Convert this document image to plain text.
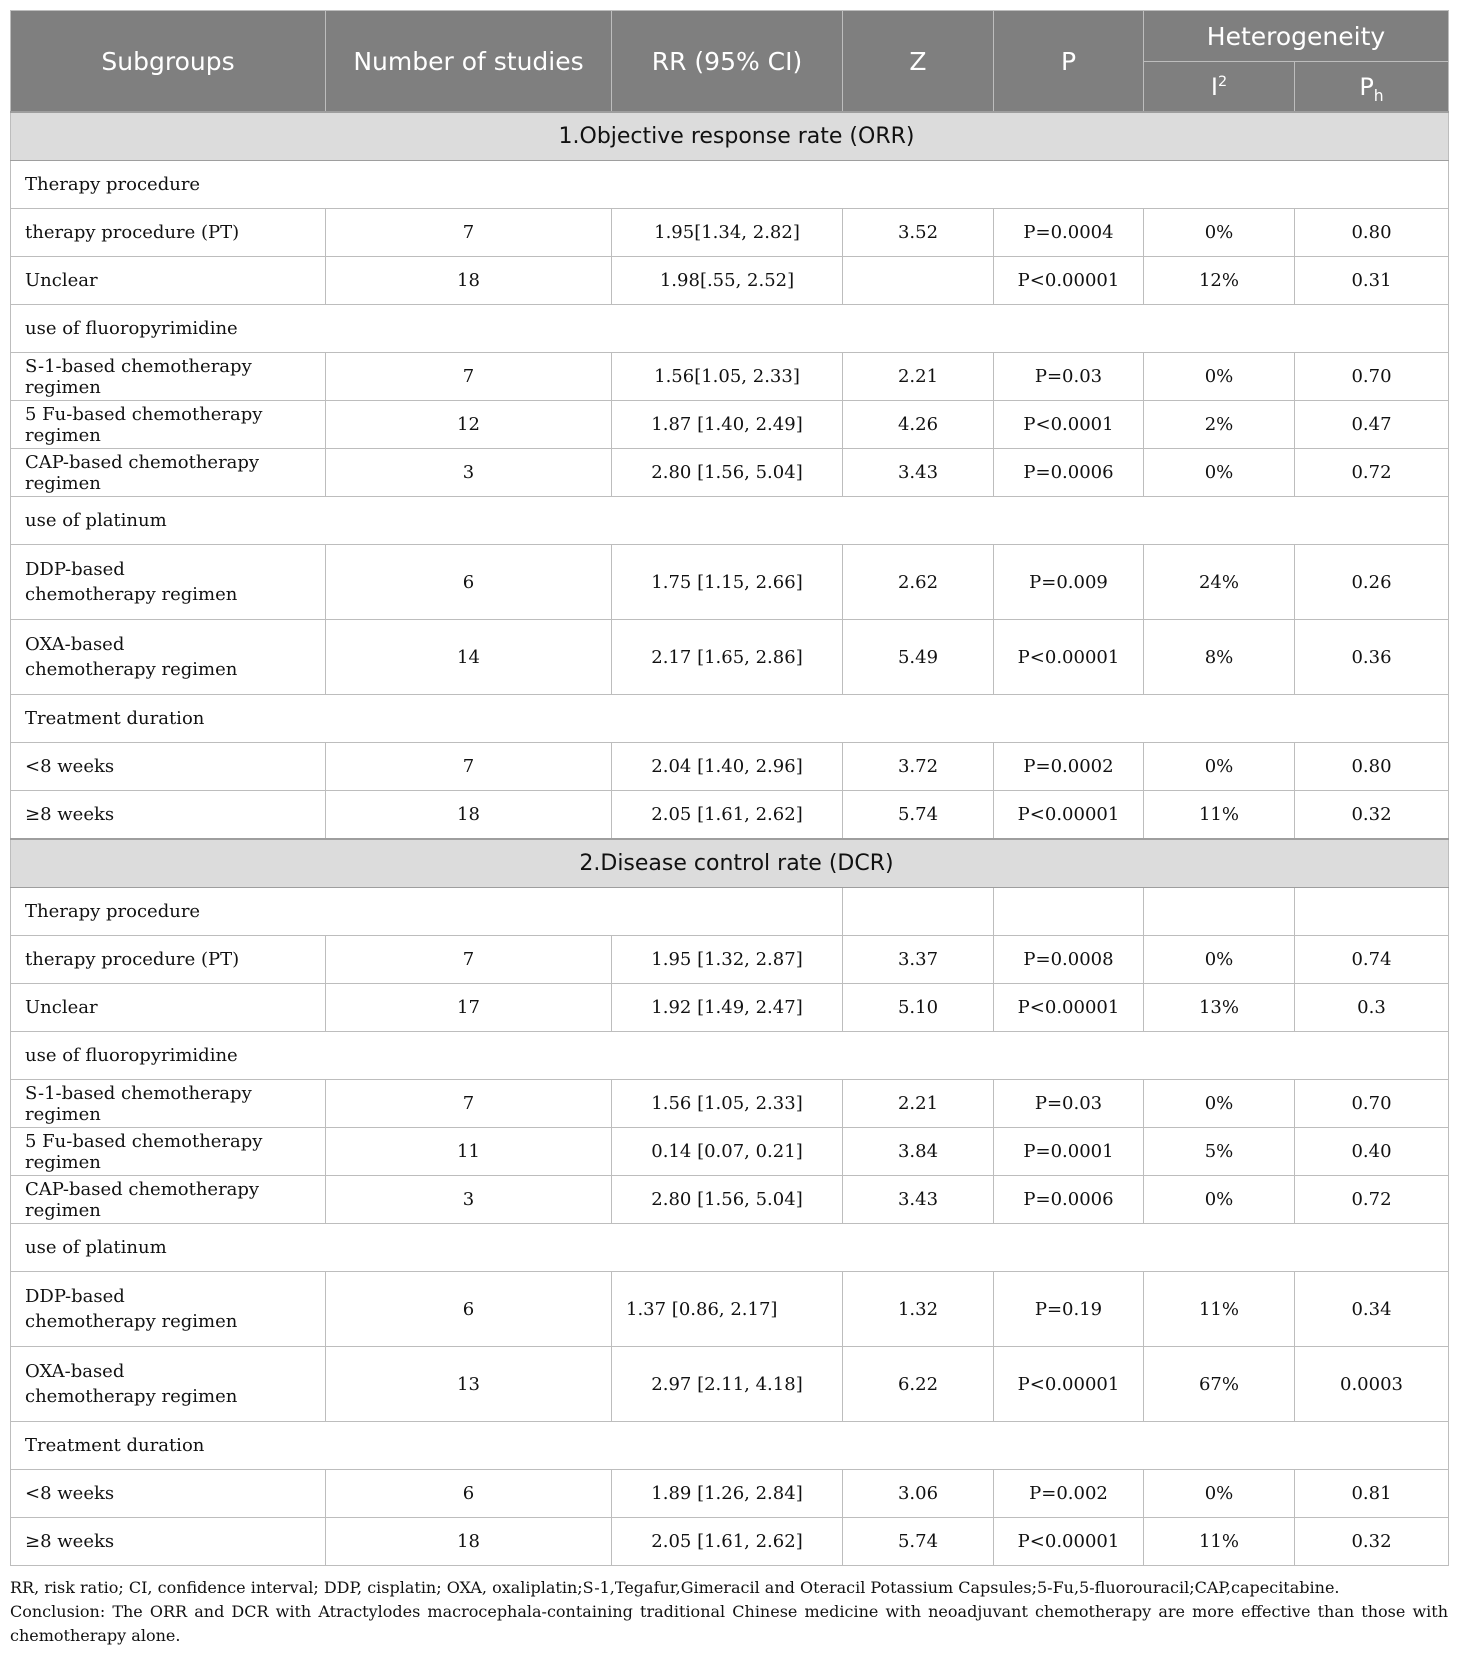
Subgroups	Number of studies	RR (95% CI)	Z	P	Heterogeneity	
					$I^2$	$P_h$
1.Objective response rate (ORR)						
Therapy procedure						
therapy procedure (PT)	7	1.95[1.34, 2.82]	3.52	P=0.0004	0%	0.80
Unclear	18	1.98[.55, 2.52]		P<0.00001	12%	0.31
use of fluoropyrimidine						
S-1-based chemotherapy regimen	7	1.56[1.05, 2.33]	2.21	P=0.03	0%	0.70
5 Fu-based chemotherapy regimen	12	1.87 [1.40, 2.49]	4.26	P<0.0001	2%	0.47
CAP-based chemotherapy regimen	3	2.80 [1.56, 5.04]	3.43	P=0.0006	0%	0.72
use of platinum						

DDP-based
chemotherapy regimen	6	1.75 [1.15, 2.66]	2.62	P=0.009	24%	0.26

OXA-based
chemotherapy regimen	14	2.17 [1.65, 2.86]	5.49	P<0.00001	8%	0.36
Treatment duration						
<8 weeks	7	2.04 [1.40, 2.96]	3.72	P=0.0002	0%	0.80
≥8 weeks	18	2.05 [1.61, 2.62]	5.74	P<0.00001	11%	0.32
2.Disease control rate (DCR)						
Therapy procedure						
therapy procedure (PT)	7	1.95 [1.32, 2.87]	3.37	P=0.0008	0%	0.74
Unclear	17	1.92 [1.49, 2.47]	5.10	P<0.00001	13%	0.3
use of fluoropyrimidine						
S-1-based chemotherapy regimen	7	1.56 [1.05, 2.33]	2.21	P=0.03	0%	0.70
5 Fu-based chemotherapy regimen	11	0.14 [0.07, 0.21]	3.84	P=0.0001	5%	0.40
CAP-based chemotherapy regimen	3	2.80 [1.56, 5.04]	3.43	P=0.0006	0%	0.72
use of platinum						

DDP-based
chemotherapy regimen	6	1.37 [0.86, 2.17]	1.32	P=0.19	11%	0.34

OXA-based
chemotherapy regimen	13	2.97 [2.11, 4.18]	6.22	P<0.00001	67%	0.0003
Treatment duration						
<8 weeks	6	1.89 [1.26, 2.84]	3.06	P=0.002	0%	0.81
≥8 weeks	18	2.05 [1.61, 2.62]	5.74	P<0.00001	11%	0.32

RR, risk ratio; CI, confidence interval; DDP, cisplatin; OXA, oxaliplatin;S-1,Tegafur,Gimeracil and Oteracil Potassium Capsules;5-Fu,5-fluorouracil;CAP,capecitabine.

Conclusion: The ORR and DCR with Atractylodes macrocephala-containing traditional Chinese medicine with neoadjuvant chemotherapy are more effective than those with chemotherapy alone.
